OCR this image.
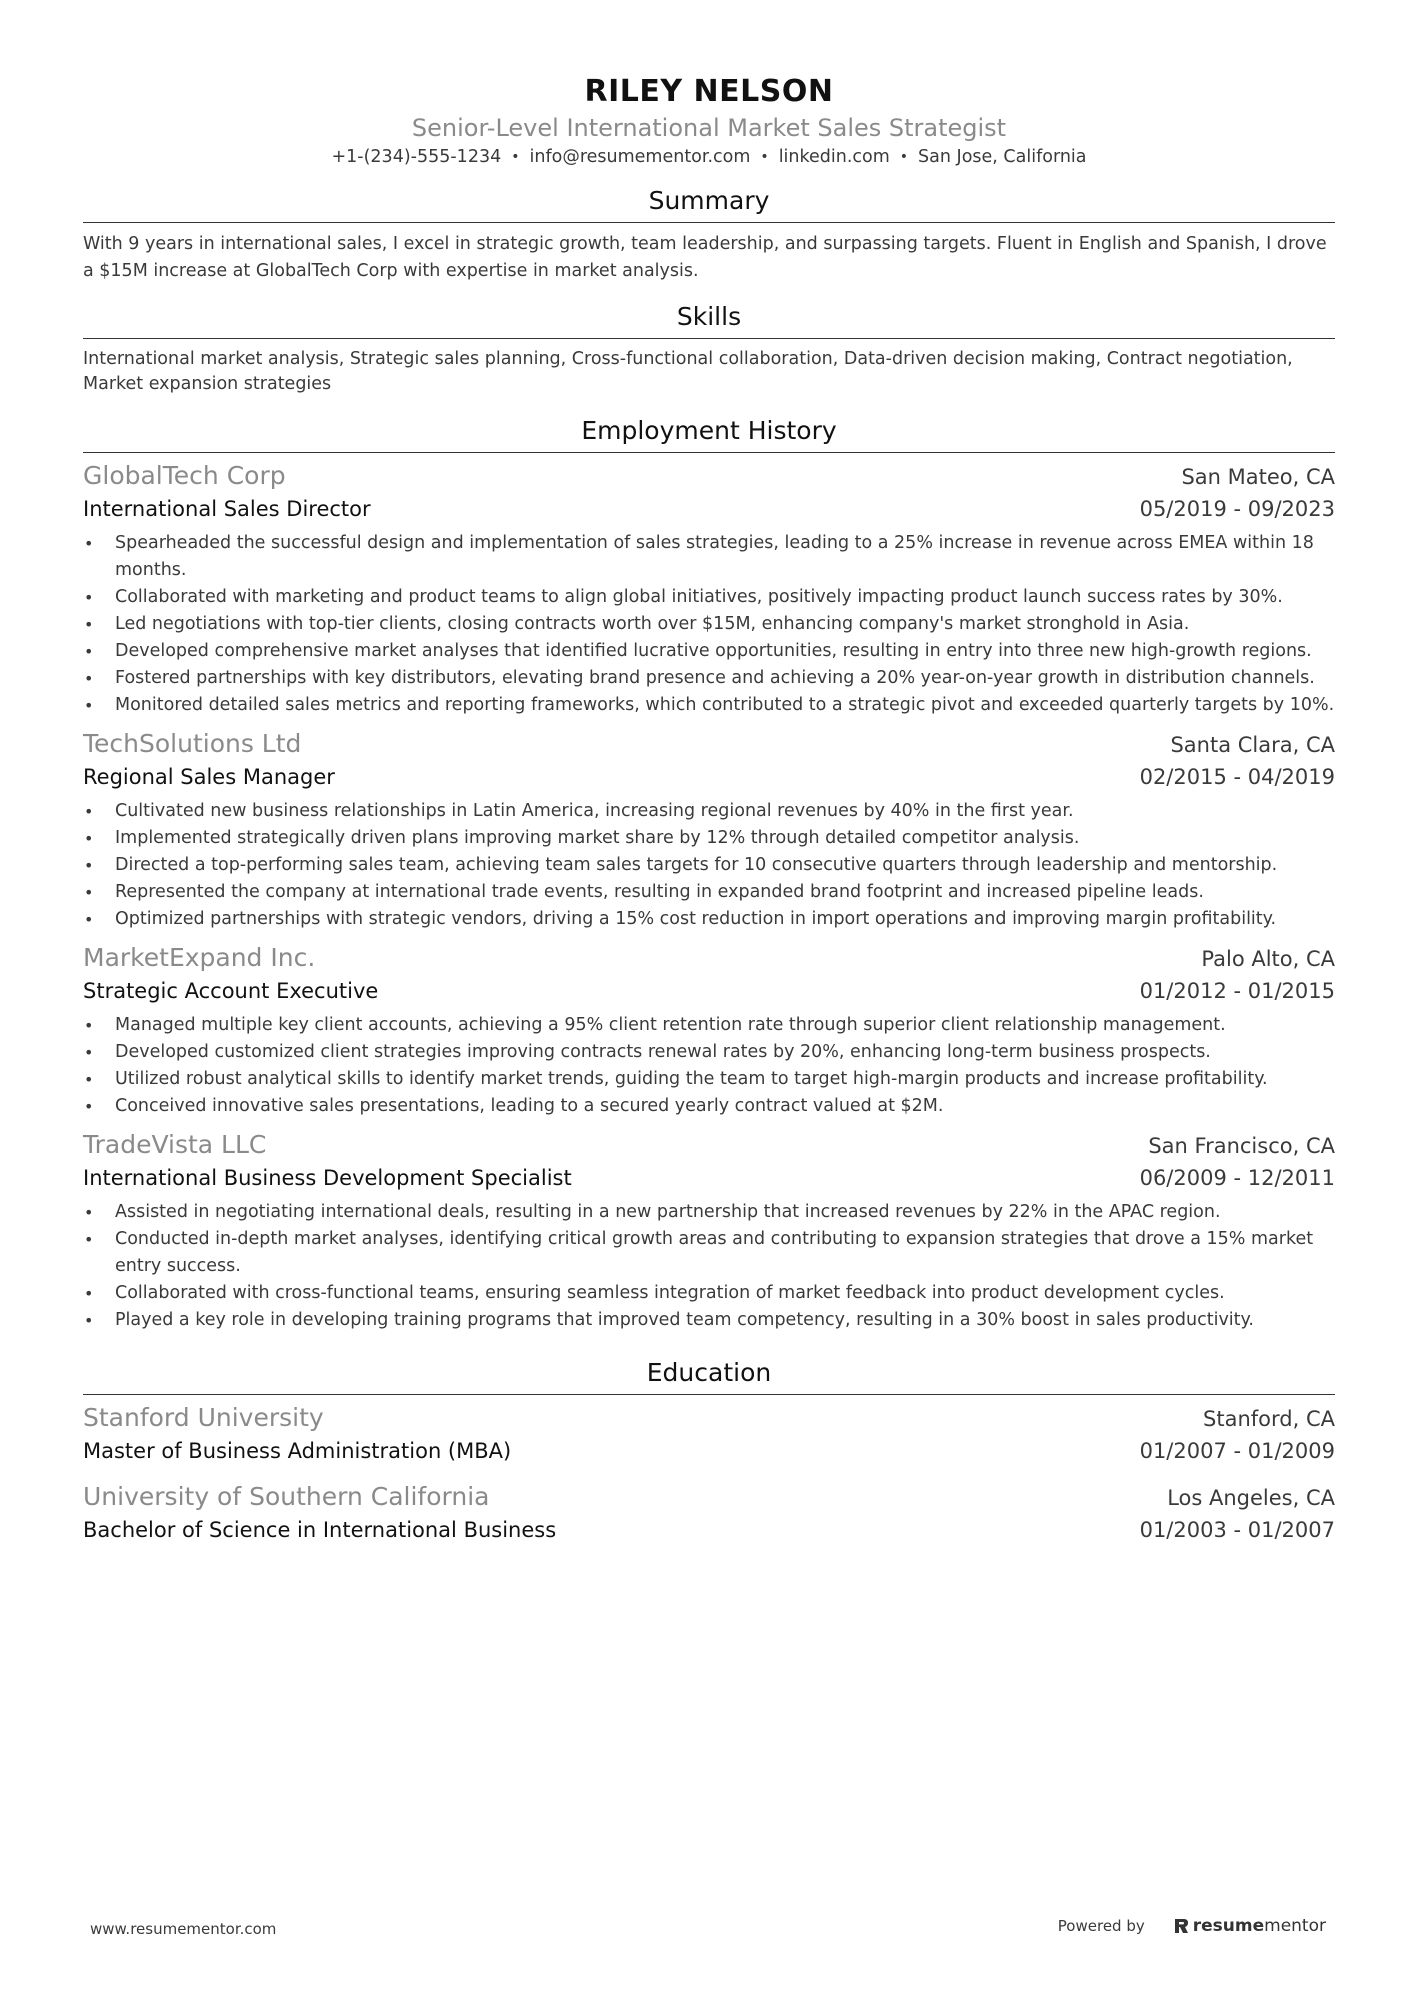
RILEY NELSON
Senior-Level International Market Sales Strategist
+1-(234)-555-1234 • info@resumementor.com • linkedin.com • San Jose, California
Summary
With 9 years in international sales, I excel in strategic growth, team leadership, and surpassing targets. Fluent in English and Spanish, I drove a $15M increase at GlobalTech Corp with expertise in market analysis.
Skills
International market analysis, Strategic sales planning, Cross-functional collaboration, Data-driven decision making, Contract negotiation, Market expansion strategies
Employment History
GlobalTech Corp	San Mateo, CA
International Sales Director	05/2019 - 09/2023
• Spearheaded the successful design and implementation of sales strategies, leading to a 25% increase in revenue across EMEA within 18 months.
• Collaborated with marketing and product teams to align global initiatives, positively impacting product launch success rates by 30%.
• Led negotiations with top-tier clients, closing contracts worth over $15M, enhancing company's market stronghold in Asia.
• Developed comprehensive market analyses that identified lucrative opportunities, resulting in entry into three new high-growth regions.
• Fostered partnerships with key distributors, elevating brand presence and achieving a 20% year-on-year growth in distribution channels.
• Monitored detailed sales metrics and reporting frameworks, which contributed to a strategic pivot and exceeded quarterly targets by 10%.
TechSolutions Ltd	Santa Clara, CA
Regional Sales Manager	02/2015 - 04/2019
• Cultivated new business relationships in Latin America, increasing regional revenues by 40% in the first year.
• Implemented strategically driven plans improving market share by 12% through detailed competitor analysis.
• Directed a top-performing sales team, achieving team sales targets for 10 consecutive quarters through leadership and mentorship.
• Represented the company at international trade events, resulting in expanded brand footprint and increased pipeline leads.
• Optimized partnerships with strategic vendors, driving a 15% cost reduction in import operations and improving margin profitability.
MarketExpand Inc.	Palo Alto, CA
Strategic Account Executive	01/2012 - 01/2015
• Managed multiple key client accounts, achieving a 95% client retention rate through superior client relationship management.
• Developed customized client strategies improving contracts renewal rates by 20%, enhancing long-term business prospects.
• Utilized robust analytical skills to identify market trends, guiding the team to target high-margin products and increase profitability.
• Conceived innovative sales presentations, leading to a secured yearly contract valued at $2M.
TradeVista LLC	San Francisco, CA
International Business Development Specialist	06/2009 - 12/2011
• Assisted in negotiating international deals, resulting in a new partnership that increased revenues by 22% in the APAC region.
• Conducted in-depth market analyses, identifying critical growth areas and contributing to expansion strategies that drove a 15% market entry success.
• Collaborated with cross-functional teams, ensuring seamless integration of market feedback into product development cycles.
• Played a key role in developing training programs that improved team competency, resulting in a 30% boost in sales productivity.
Education
Stanford University	Stanford, CA
Master of Business Administration (MBA)	01/2007 - 01/2009
University of Southern California	Los Angeles, CA
Bachelor of Science in International Business	01/2003 - 01/2007
www.resumementor.com	Powered by	resume mentor
